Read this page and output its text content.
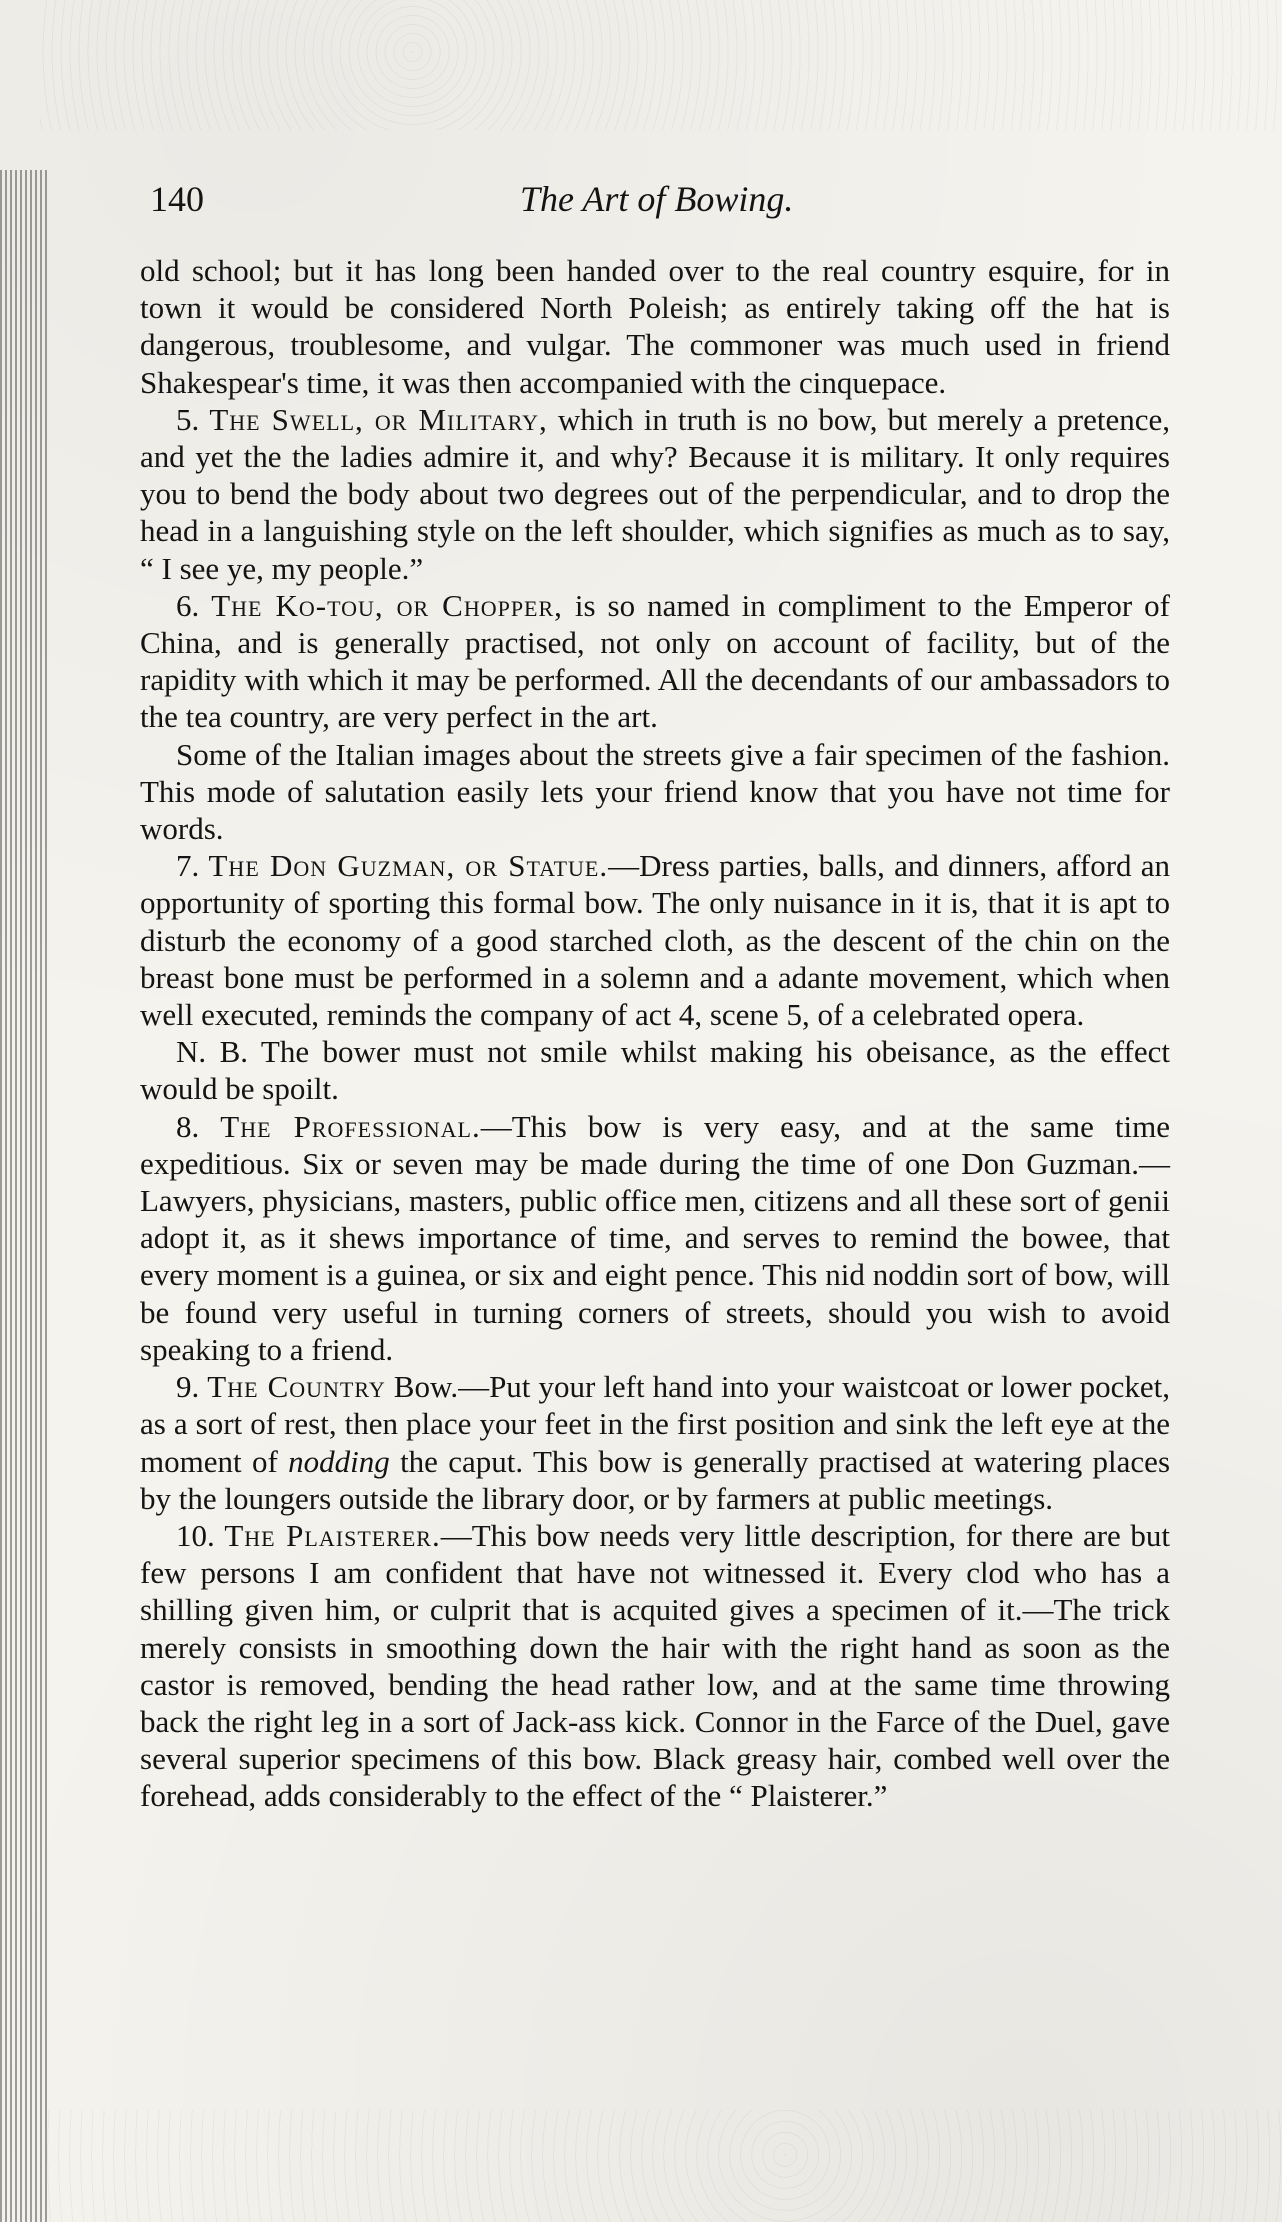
140	The Art of Bowing.

old school; but it has long been handed over to the real country esquire, for in town it would be considered North Poleish; as entirely taking off the hat is dangerous, troublesome, and vulgar. The commoner was much used in friend Shakespear's time, it was then accompanied with the cinquepace.

5. The Swell, or Military, which in truth is no bow, but merely a pretence, and yet the the ladies admire it, and why? Because it is military. It only requires you to bend the body about two degrees out of the perpendicular, and to drop the head in a languishing style on the left shoulder, which signifies as much as to say, “ I see ye, my people.”

6. The Ko-tou, or Chopper, is so named in compliment to the Emperor of China, and is generally practised, not only on account of facility, but of the rapidity with which it may be performed. All the decendants of our ambassadors to the tea country, are very perfect in the art.

Some of the Italian images about the streets give a fair specimen of the fashion. This mode of salutation easily lets your friend know that you have not time for words.

7. The Don Guzman, or Statue.—Dress parties, balls, and dinners, afford an opportunity of sporting this formal bow. The only nuisance in it is, that it is apt to disturb the economy of a good starched cloth, as the descent of the chin on the breast bone must be performed in a solemn and a adante movement, which when well executed, reminds the company of act 4, scene 5, of a celebrated opera.

N. B. The bower must not smile whilst making his obeisance, as the effect would be spoilt.

8. The Professional.—This bow is very easy, and at the same time expeditious. Six or seven may be made during the time of one Don Guzman.—Lawyers, physicians, masters, public office men, citizens and all these sort of genii adopt it, as it shews importance of time, and serves to remind the bowee, that every moment is a guinea, or six and eight pence. This nid noddin sort of bow, will be found very useful in turning corners of streets, should you wish to avoid speaking to a friend.

9. The Country Bow.—Put your left hand into your waistcoat or lower pocket, as a sort of rest, then place your feet in the first position and sink the left eye at the moment of nodding the caput. This bow is generally practised at watering places by the loungers outside the library door, or by farmers at public meetings.

10. The Plaisterer.—This bow needs very little description, for there are but few persons I am confident that have not witnessed it. Every clod who has a shilling given him, or culprit that is acquited gives a specimen of it.—The trick merely consists in smoothing down the hair with the right hand as soon as the castor is removed, bending the head rather low, and at the same time throwing back the right leg in a sort of Jack-ass kick. Connor in the Farce of the Duel, gave several superior specimens of this bow. Black greasy hair, combed well over the forehead, adds considerably to the effect of the “ Plaisterer.”
